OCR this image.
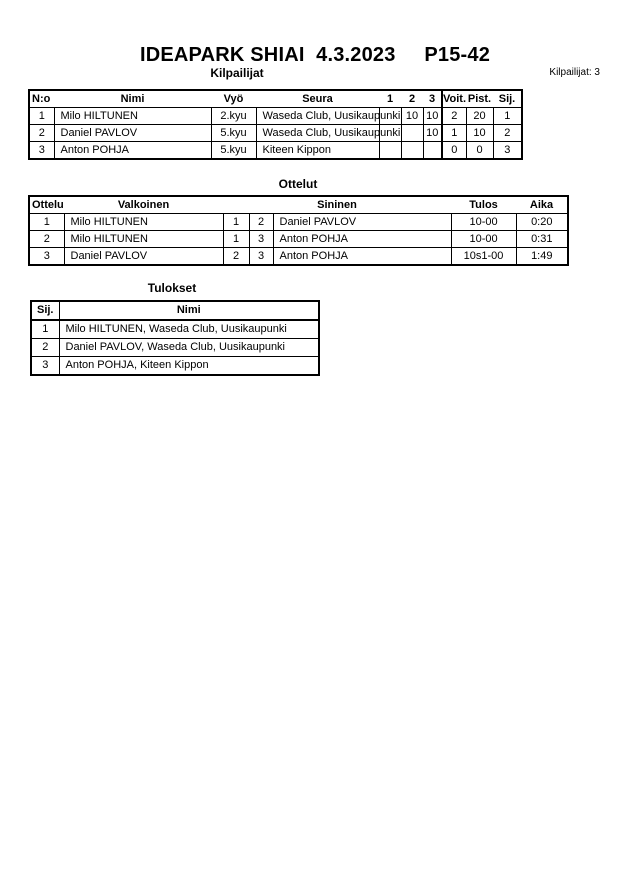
IDEAPARK SHIAI  4.3.2023     P15-42
Kilpailijat	Kilpailijat: 3
N:o	Nimi	Vyö	Seura	1	2	3	Voit.	Pist.	Sij.
1	Milo HILTUNEN	2.kyu	Waseda Club, Uusikaupunki		10	10	2	20	1
2	Daniel PAVLOV	5.kyu	Waseda Club, Uusikaupunki			10	1	10	2
3	Anton POHJA	5.kyu	Kiteen Kippon				0	0	3
Ottelut
Ottelu	Valkoinen	Sininen			Tulos	Aika
1	Milo HILTUNEN	1	2	Daniel PAVLOV	10-00	0:20
2	Milo HILTUNEN	1	3	Anton POHJA	10-00	0:31
3	Daniel PAVLOV	2	3	Anton POHJA	10s1-00	1:49
Tulokset
Sij.	Nimi
1	Milo HILTUNEN, Waseda Club, Uusikaupunki
2	Daniel PAVLOV, Waseda Club, Uusikaupunki
3	Anton POHJA, Kiteen Kippon
